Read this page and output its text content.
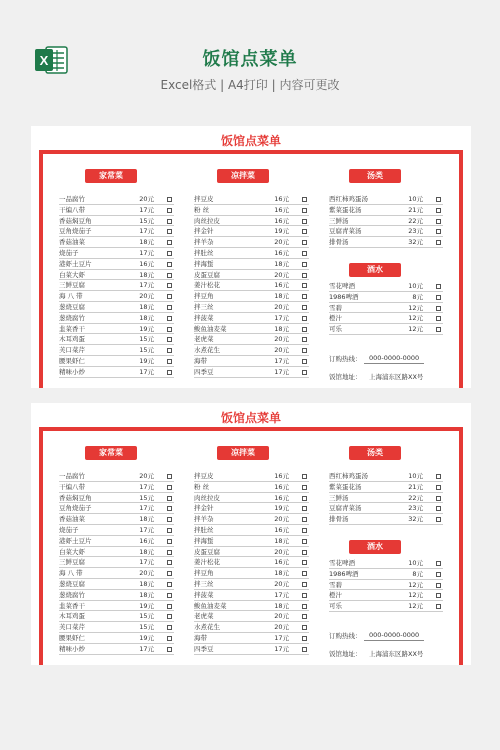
X	饭馆点菜单
Excel格式 | A4打印 | 内容可更改
饭馆点菜单
家常菜	凉拌菜	汤类
酒水
一品腐竹	20元
干煸八带	17元
香菇焖豆角	15元
豆角烧茄子	17元
香菇油菜	18元
烧茄子	17元
港虾土豆片	16元
白菜大虾	18元
三鲜豆腐	17元
海 八 带	20元
葱烧豆腐	18元
葱烧腐竹	18元
韭菜香干	19元
木耳鸡蛋	15元
芙口菜芹	15元
腰果虾仁	19元
精味小炒	17元
拌豆皮	16元
粉 丝	16元
肉丝拉皮	16元
拌金针	19元
拌羊杂	20元
拌肚丝	16元
拌海蜇	18元
皮蛋豆腐	20元
姜汁松花	16元
拌豆角	18元
拌三丝	20元
拌菠菜	17元
鲅鱼油麦菜	18元
老虎菜	20元
水煮花生	20元
海带	17元
四季豆	17元
西红柿鸡蛋汤	10元
紫菜蛋花汤	21元
三鲜汤	22元
豆腐青菜汤	23元
排骨汤	32元
雪花啤酒	10元
1986啤酒	8元
雪碧	12元
橙汁	12元
可乐	12元
订购热线： 000-0000-0000
饭馆地址： 上海浦东区路XX号
饭馆点菜单
家常菜	凉拌菜	汤类
酒水
一品腐竹	20元
干煸八带	17元
香菇焖豆角	15元
豆角烧茄子	17元
香菇油菜	18元
烧茄子	17元
港虾土豆片	16元
白菜大虾	18元
三鲜豆腐	17元
海 八 带	20元
葱烧豆腐	18元
葱烧腐竹	18元
韭菜香干	19元
木耳鸡蛋	15元
芙口菜芹	15元
腰果虾仁	19元
精味小炒	17元
拌豆皮	16元
粉 丝	16元
肉丝拉皮	16元
拌金针	19元
拌羊杂	20元
拌肚丝	16元
拌海蜇	18元
皮蛋豆腐	20元
姜汁松花	16元
拌豆角	18元
拌三丝	20元
拌菠菜	17元
鲅鱼油麦菜	18元
老虎菜	20元
水煮花生	20元
海带	17元
四季豆	17元
西红柿鸡蛋汤	10元
紫菜蛋花汤	21元
三鲜汤	22元
豆腐青菜汤	23元
排骨汤	32元
雪花啤酒	10元
1986啤酒	8元
雪碧	12元
橙汁	12元
可乐	12元
订购热线： 000-0000-0000
饭馆地址： 上海浦东区路XX号
